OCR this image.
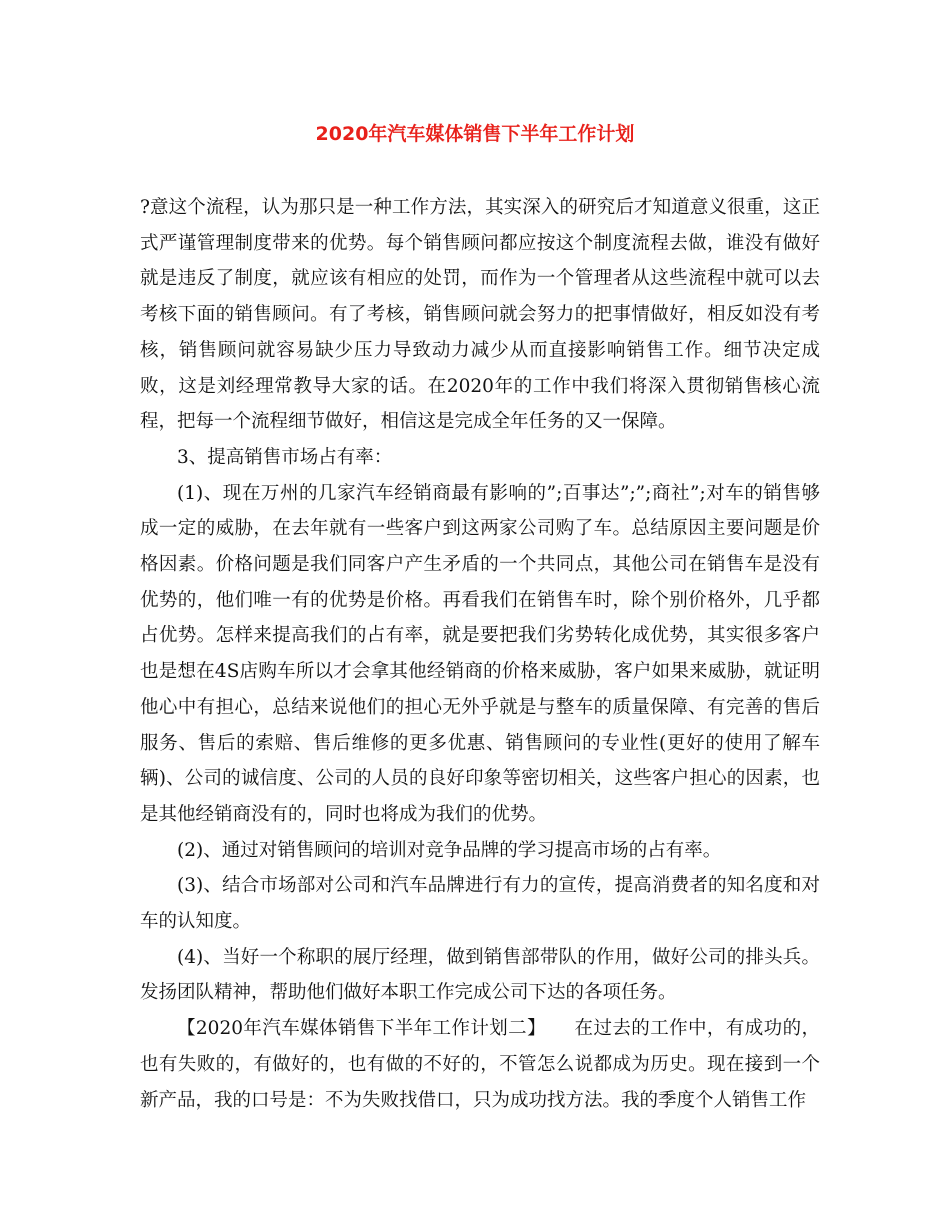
2020年汽车媒体销售下半年工作计划

?意这个流程，认为那只是一种工作方法，其实深入的研究后才知道意义很重，这正式严谨管理制度带来的优势。每个销售顾问都应按这个制度流程去做，谁没有做好就是违反了制度，就应该有相应的处罚，而作为一个管理者从这些流程中就可以去考核下面的销售顾问。有了考核，销售顾问就会努力的把事情做好，相反如没有考核，销售顾问就容易缺少压力导致动力减少从而直接影响销售工作。细节决定成败，这是刘经理常教导大家的话。在2020年的工作中我们将深入贯彻销售核心流程，把每一个流程细节做好，相信这是完成全年任务的又一保障。

3、提高销售市场占有率：

(1)、现在万州的几家汽车经销商最有影响的”;百事达”;”;商社”;对车的销售够成一定的威胁，在去年就有一些客户到这两家公司购了车。总结原因主要问题是价格因素。价格问题是我们同客户产生矛盾的一个共同点，其他公司在销售车是没有优势的，他们唯一有的优势是价格。再看我们在销售车时，除个别价格外，几乎都占优势。怎样来提高我们的占有率，就是要把我们劣势转化成优势，其实很多客户也是想在4S店购车所以才会拿其他经销商的价格来威胁，客户如果来威胁，就证明他心中有担心，总结来说他们的担心无外乎就是与整车的质量保障、有完善的售后服务、售后的索赔、售后维修的更多优惠、销售顾问的专业性(更好的使用了解车辆)、公司的诚信度、公司的人员的良好印象等密切相关，这些客户担心的因素，也是其他经销商没有的，同时也将成为我们的优势。

(2)、通过对销售顾问的培训对竞争品牌的学习提高市场的占有率。

(3)、结合市场部对公司和汽车品牌进行有力的宣传，提高消费者的知名度和对车的认知度。

(4)、当好一个称职的展厅经理，做到销售部带队的作用，做好公司的排头兵。发扬团队精神，帮助他们做好本职工作完成公司下达的各项任务。

【2020年汽车媒体销售下半年工作计划二】　　在过去的工作中，有成功的，也有失败的，有做好的，也有做的不好的，不管怎么说都成为历史。现在接到一个新产品，我的口号是：不为失败找借口，只为成功找方法。我的季度个人销售工作
